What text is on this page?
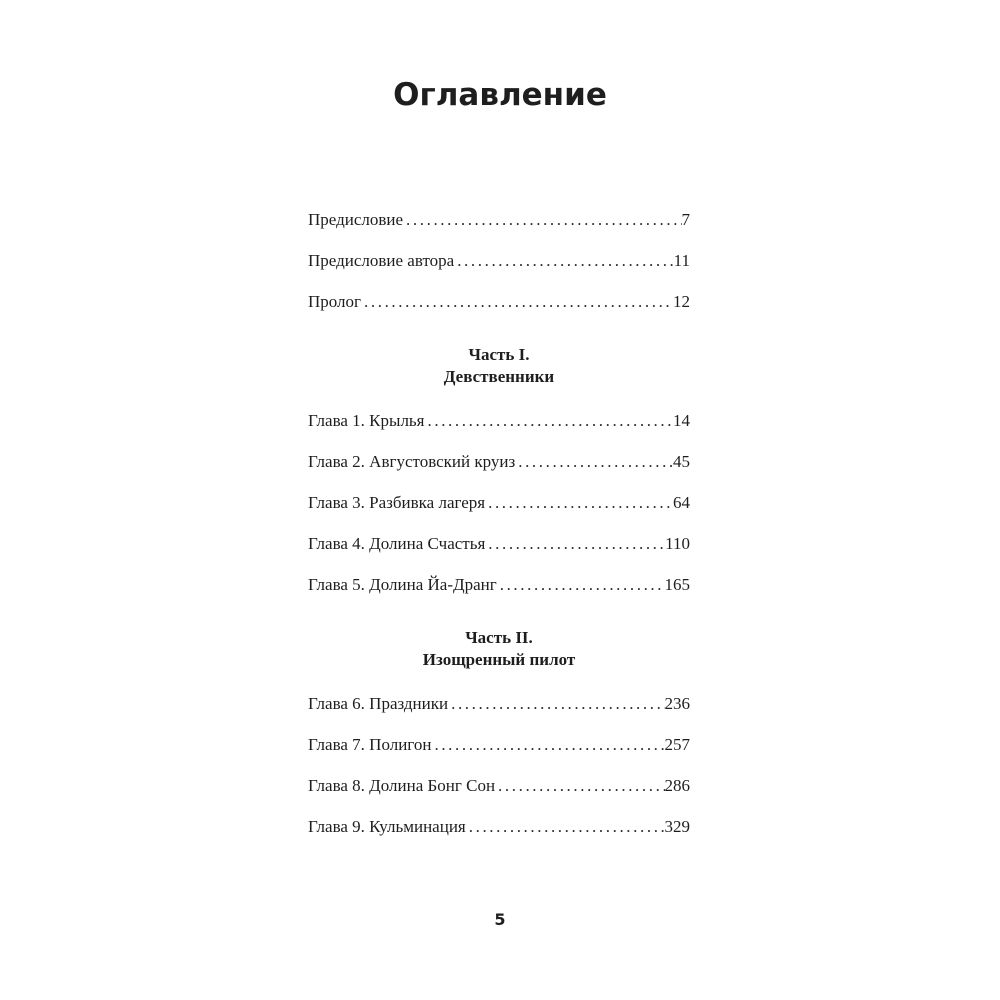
Оглавление
Предисловие .....	7
Предисловие автора .....	11
Пролог .....	12
Часть I.
Девственники
Глава 1. Крылья .....	14
Глава 2. Августовский круиз .....	45
Глава 3. Разбивка лагеря .....	64
Глава 4. Долина Счастья .....	110
Глава 5. Долина Йа-Дранг .....	165
Часть II.
Изощренный пилот
Глава 6. Праздники .....	236
Глава 7. Полигон .....	257
Глава 8. Долина Бонг Сон .....	286
Глава 9. Кульминация .....	329
5
